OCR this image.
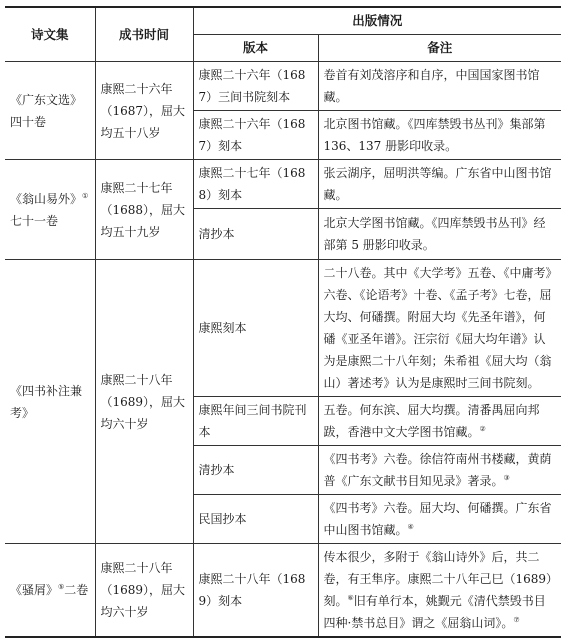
诗文集	成书时间	出版情况	
		版本	备注
《广东文选》四十卷	康熙二十六年（1687），屈大均五十八岁	康熙二十六年（1687）三间书院刻本	卷首有刘茂溶序和自序，中国国家图书馆藏。
		康熙二十六年（1687）刻本	北京图书馆藏。《四库禁毁书丛刊》集部第 136、137 册影印收录。
《翁山易外》①
七十一卷	康熙二十七年（1688），屈大均五十九岁	康熙二十七年（1688）刻本	张云湖序，屈明洪等编。广东省中山图书馆藏。
		清抄本	北京大学图书馆藏。《四库禁毁书丛刊》经部第 5 册影印收录。
《四书补注兼考》	康熙二十八年（1689），屈大均六十岁	康熙刻本	二十八卷。其中《大学考》五卷、《中庸考》六卷、《论语考》十卷、《孟子考》七卷，屈大均、何磻撰。附屈大均《先圣年谱》，何磻《亚圣年谱》。汪宗衍《屈大均年谱》认为是康熙二十八年刻；朱希祖《屈大均（翁山）著述考》认为是康熙时三间书院刻。
		康熙年间三间书院刊本	五卷。何东滨、屈大均撰。清番禺屈向邦跋，香港中文大学图书馆藏。②
		清抄本	《四书考》六卷。徐信符南州书楼藏，黄荫普《广东文献书目知见录》著录。③
		民国抄本	《四书考》六卷。屈大均、何磻撰。广东省中山图书馆藏。④
《骚屑》⑤二卷	康熙二十八年（1689），屈大均六十岁	康熙二十八年（1689）刻本	传本很少，多附于《翁山诗外》后，共二卷，有王隼序。康熙二十八年己巳（1689）刻。⑥旧有单行本，姚觐元《清代禁毁书目四种·禁书总目》谓之《屈翁山词》。⑦
